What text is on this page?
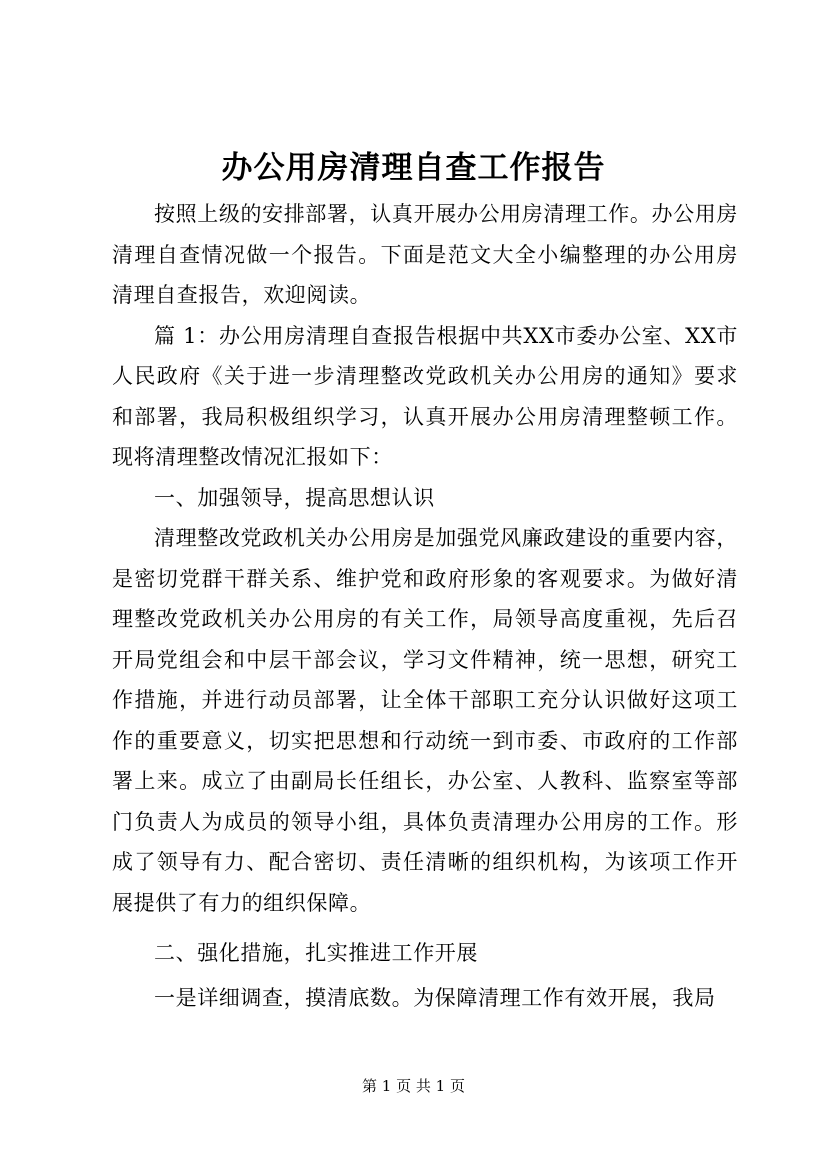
办公用房清理自查工作报告

按照上级的安排部署，认真开展办公用房清理工作。办公用房清理自查情况做一个报告。下面是范文大全小编整理的办公用房清理自查报告，欢迎阅读。

篇 1：办公用房清理自查报告根据中共XX市委办公室、XX市人民政府《关于进一步清理整改党政机关办公用房的通知》要求和部署，我局积极组织学习，认真开展办公用房清理整顿工作。现将清理整改情况汇报如下：

一、加强领导，提高思想认识

清理整改党政机关办公用房是加强党风廉政建设的重要内容，是密切党群干群关系、维护党和政府形象的客观要求。为做好清理整改党政机关办公用房的有关工作，局领导高度重视，先后召开局党组会和中层干部会议，学习文件精神，统一思想，研究工作措施，并进行动员部署，让全体干部职工充分认识做好这项工作的重要意义，切实把思想和行动统一到市委、市政府的工作部署上来。成立了由副局长任组长，办公室、人教科、监察室等部门负责人为成员的领导小组，具体负责清理办公用房的工作。形成了领导有力、配合密切、责任清晰的组织机构，为该项工作开展提供了有力的组织保障。

二、强化措施，扎实推进工作开展

一是详细调查，摸清底数。为保障清理工作有效开展，我局

第 1 页 共 1 页
